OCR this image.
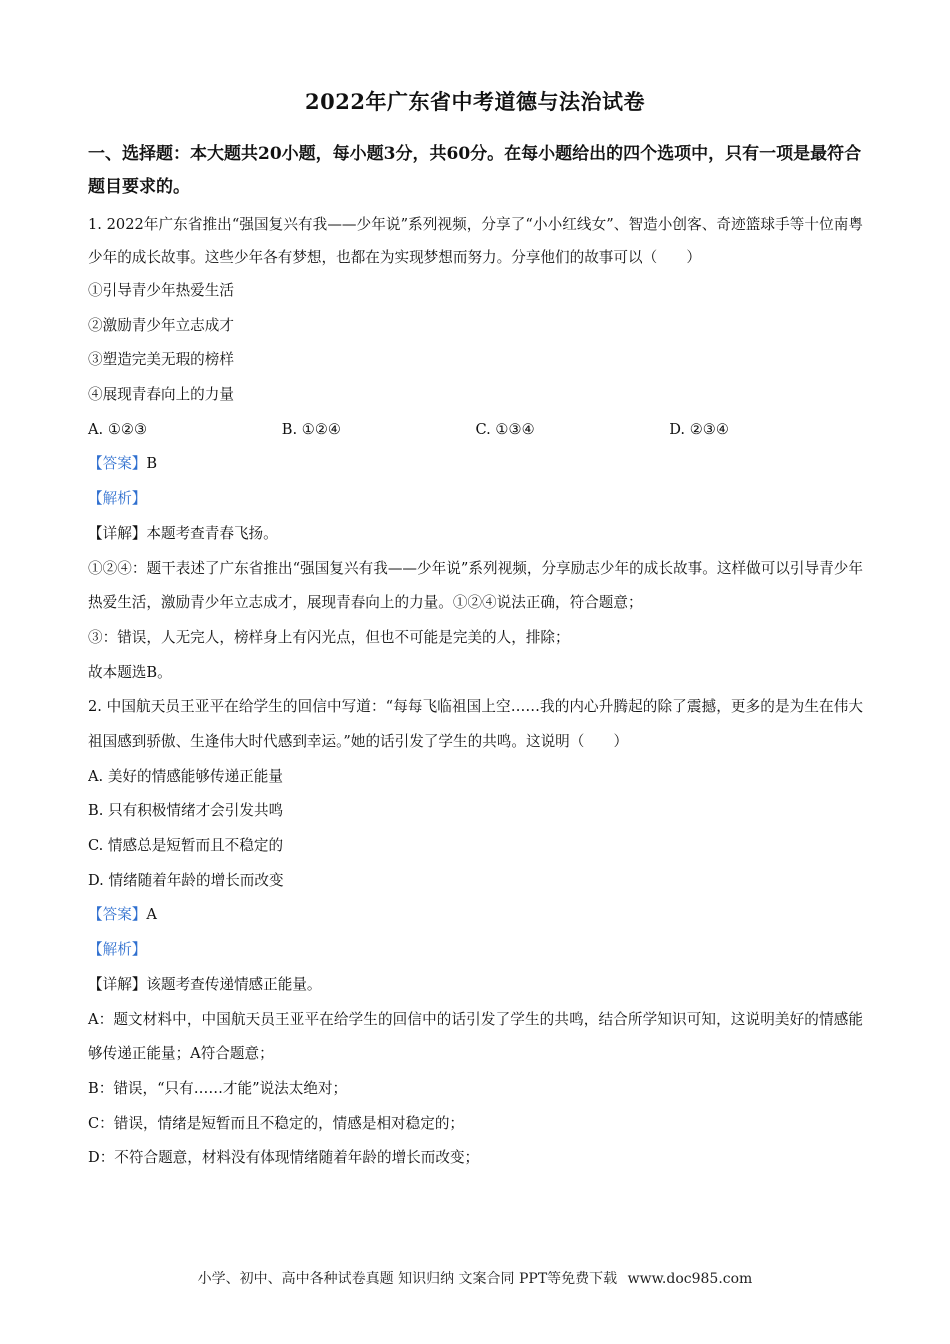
2022年广东省中考道德与法治试卷
一、选择题：本大题共20小题，每小题3分，共60分。在每小题给出的四个选项中，只有一项是最符合题目要求的。
1. 2022年广东省推出“强国复兴有我——少年说”系列视频，分享了“小小红线女”、智造小创客、奇迹篮球手等十位南粤少年的成长故事。这些少年各有梦想，也都在为实现梦想而努力。分享他们的故事可以（　　）
①引导青少年热爱生活
②激励青少年立志成才
③塑造完美无瑕的榜样
④展现青春向上的力量
A. ①②③	B. ①②④	C. ①③④	D. ②③④
【答案】B
【解析】
【详解】本题考查青春飞扬。
①②④：题干表述了广东省推出“强国复兴有我——少年说”系列视频，分享励志少年的成长故事。这样做可以引导青少年热爱生活，激励青少年立志成才，展现青春向上的力量。①②④说法正确，符合题意；
③：错误，人无完人，榜样身上有闪光点，但也不可能是完美的人，排除；
故本题选B。
2. 中国航天员王亚平在给学生的回信中写道：“每每飞临祖国上空……我的内心升腾起的除了震撼，更多的是为生在伟大祖国感到骄傲、生逢伟大时代感到幸运。”她的话引发了学生的共鸣。这说明（　　）
A. 美好的情感能够传递正能量
B. 只有积极情绪才会引发共鸣
C. 情感总是短暂而且不稳定的
D. 情绪随着年龄的增长而改变
【答案】A
【解析】
【详解】该题考查传递情感正能量。
A：题文材料中，中国航天员王亚平在给学生的回信中的话引发了学生的共鸣，结合所学知识可知，这说明美好的情感能够传递正能量；A符合题意；
B：错误，“只有……才能”说法太绝对；
C：错误，情绪是短暂而且不稳定的，情感是相对稳定的；
D：不符合题意，材料没有体现情绪随着年龄的增长而改变；
小学、初中、高中各种试卷真题 知识归纳 文案合同 PPT等免费下载 www.doc985.com
